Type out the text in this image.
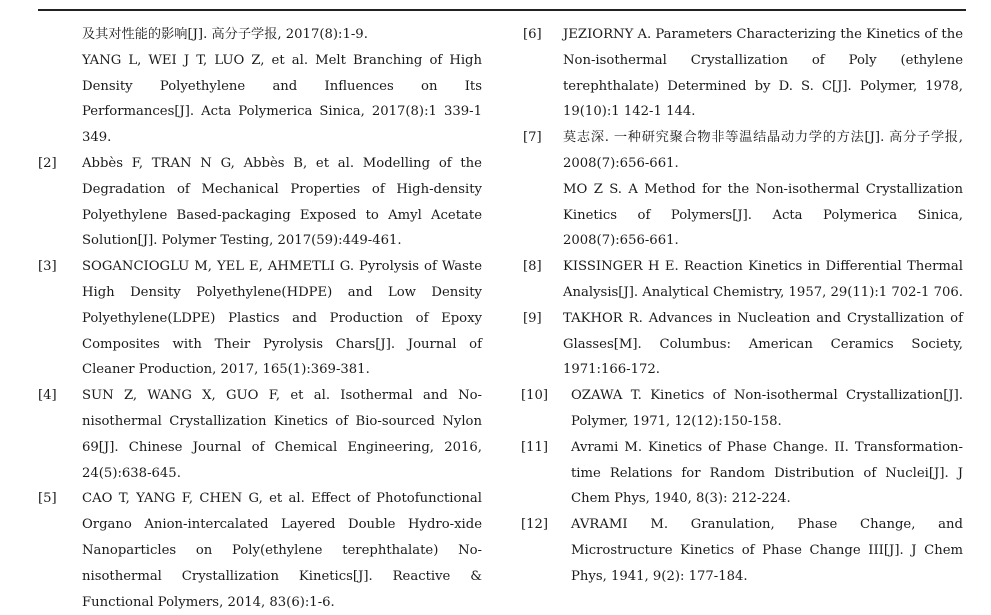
及其对性能的影响[J]. 高分子学报, 2017(8):1-9.

YANG L, WEI J T, LUO Z, et al. Melt Branching of High Density Polyethylene and Influences on Its Performances[J]. Acta Polymerica Sinica, 2017(8):1 339-1 349.

[2] Abbès F, TRAN N G, Abbès B, et al. Modelling of the Degradation of Mechanical Properties of High-density Polyethylene Based-packaging Exposed to Amyl Acetate Solution[J]. Polymer Testing, 2017(59):449-461.

[3] SOGANCIOGLU M, YEL E, AHMETLI G. Pyrolysis of Waste High Density Polyethylene(HDPE) and Low Density Polyethylene(LDPE) Plastics and Production of Epoxy Composites with Their Pyrolysis Chars[J]. Journal of Cleaner Production, 2017, 165(1):369-381.

[4] SUN Z, WANG X, GUO F, et al. Isothermal and No-nisothermal Crystallization Kinetics of Bio-sourced Nylon 69[J]. Chinese Journal of Chemical Engineering, 2016, 24(5):638-645.

[5] CAO T, YANG F, CHEN G, et al. Effect of Photofunctional Organo Anion-intercalated Layered Double Hydro-xide Nanoparticles on Poly(ethylene terephthalate) No-nisothermal Crystallization Kinetics[J]. Reactive & Functional Polymers, 2014, 83(6):1-6.

[6] JEZIORNY A. Parameters Characterizing the Kinetics of the Non-isothermal Crystallization of Poly (ethylene terephthalate) Determined by D. S. C[J]. Polymer, 1978, 19(10):1 142-1 144.

[7] 莫志深. 一种研究聚合物非等温结晶动力学的方法[J]. 高分子学报, 2008(7):656-661.

MO Z S. A Method for the Non-isothermal Crystallization Kinetics of Polymers[J]. Acta Polymerica Sinica, 2008(7):656-661.

[8] KISSINGER H E. Reaction Kinetics in Differential Thermal Analysis[J]. Analytical Chemistry, 1957, 29(11):1 702-1 706.

[9] TAKHOR R. Advances in Nucleation and Crystallization of Glasses[M]. Columbus: American Ceramics Society, 1971:166-172.

[10] OZAWA T. Kinetics of Non-isothermal Crystallization[J]. Polymer, 1971, 12(12):150-158.

[11] Avrami M. Kinetics of Phase Change. II. Transformation-time Relations for Random Distribution of Nuclei[J]. J Chem Phys, 1940, 8(3): 212-224.

[12] AVRAMI M. Granulation, Phase Change, and Microstructure Kinetics of Phase Change III[J]. J Chem Phys, 1941, 9(2): 177-184.
